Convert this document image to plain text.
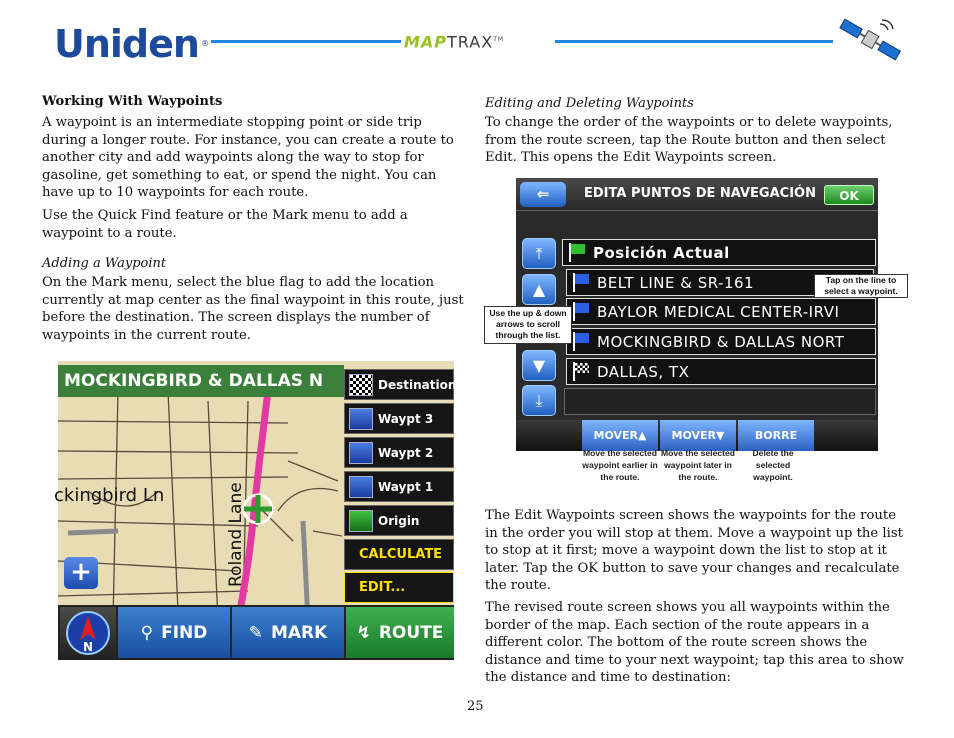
Uniden ®	MAPTRAX™
Working With Waypoints
A waypoint is an intermediate stopping point or side trip during a longer route. For instance, you can create a route to another city and add waypoints along the way to stop for gasoline, get something to eat, or spend the night. You can have up to 10 waypoints for each route.
Use the Quick Find feature or the Mark menu to add a waypoint to a route.
Adding a Waypoint
On the Mark menu, select the blue flag to add the location currently at map center as the final waypoint in this route, just before the destination. The screen displays the number of waypoints in the current route.
MOCKINGBIRD & DALLAS N
ckingbird Ln	Roland Lane
+
Destination
Waypt 3
Waypt 2
Waypt 1
Origin
CALCULATE
EDIT...
N
⚲ FIND ✎ MARK ↯ ROUTE
Editing and Deleting Waypoints
To change the order of the waypoints or to delete waypoints, from the route screen, tap the Route button and then select Edit. This opens the Edit Waypoints screen.
⇐	EDITA PUNTOS DE NAVEGACIÓN	OK
⤒
▲
▼
⤓
Posición Actual
BELT LINE & SR-161
BAYLOR MEDICAL CENTER-IRVI
MOCKINGBIRD & DALLAS NORT
DALLAS, TX
MOVER ▲ MOVER ▼	BORRE
Tap on the line to select a waypoint.
Use the up & down arrows to scroll through the list.
Move the selected waypoint earlier in the route.
Move the selected waypoint later in the route.
Delete the selected waypoint.
The Edit Waypoints screen shows the waypoints for the route in the order you will stop at them. Move a waypoint up the list to stop at it first; move a waypoint down the list to stop at it later. Tap the OK button to save your changes and recalculate the route.
The revised route screen shows you all waypoints within the border of the map. Each section of the route appears in a different color. The bottom of the route screen shows the distance and time to your next waypoint; tap this area to show the distance and time to destination:
25
